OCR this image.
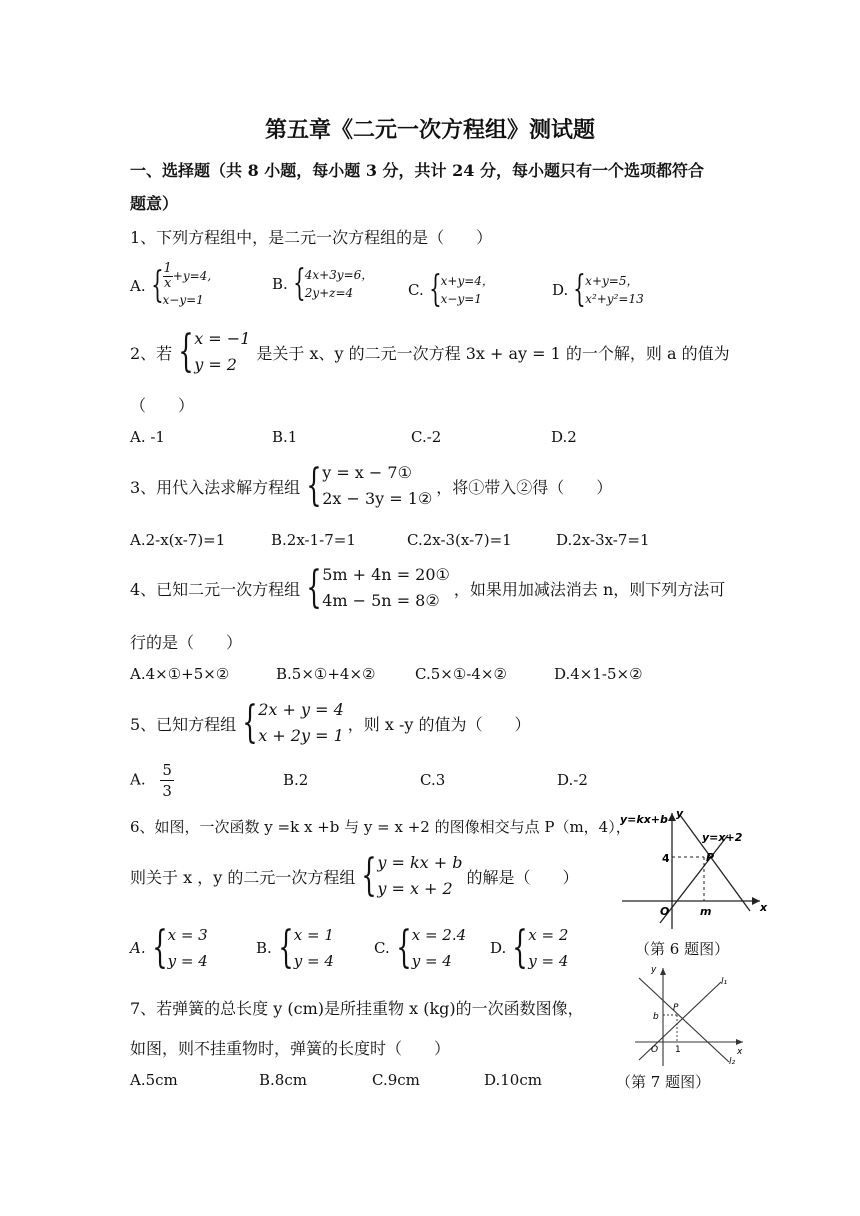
第五章《二元一次方程组》测试题
一、选择题（共 8 小题，每小题 3 分，共计 24 分，每小题只有一个选项都符合
题意）
1、下列方程组中，是二元一次方程组的是（　　）
A. { $\frac{1}{x} +y=4$,
x−y=1
B. { 4x+3y=6，
2y+z=4	C. { x+y=4，
x−y=1	D. { x+y=5，
x²+y²=13
2、若 { x = −1
y = 2
是关于 x、y 的二元一次方程 3x + ay = 1 的一个解，则 a 的值为
（　　）
A. -1	B.1	C.-2	D.2
3、用代入法求解方程组 { y = x − 7①
2x − 3y = 1②
，将①带入②得（　　）
A.2-x(x-7)=1	B.2x-1-7=1	C.2x-3(x-7)=1	D.2x-3x-7=1
4、已知二元一次方程组 { 5m + 4n = 20①
4m − 5n = 8②
，如果用加减法消去 n，则下列方法可
行的是（　　）
A.4×①+5×②	B.5×①+4×②	C.5×①-4×②	D.4×1-5×②
5、已知方程组 { 2x + y = 4
x + 2y = 1
，则 x -y 的值为（　　）
A. $\frac{5}{3}$	B.2	C.3	D.-2
6、如图，一次函数 y =k x +b 与 y = x +2 的图像相交与点 P（m，4），
则关于 x ，y 的二元一次方程组 { y = kx + b
y = x + 2
的解是（　　）
A. { x = 3
y = 4
B. { x = 1
y = 4
C. { x = 2.4
y = 4
D. { x = 2
y = 4
y=kx+b y
y=x+2
P
4
O	m	x
（第 6 题图）
7、若弹簧的总长度 y (cm)是所挂重物 x (kg)的一次函数图像，
如图，则不挂重物时，弹簧的长度时（　　）
A.5cm	B.8cm	C.9cm	D.10cm
y
l₁
P
b
O 1
l₂
x
（第 7 题图）
